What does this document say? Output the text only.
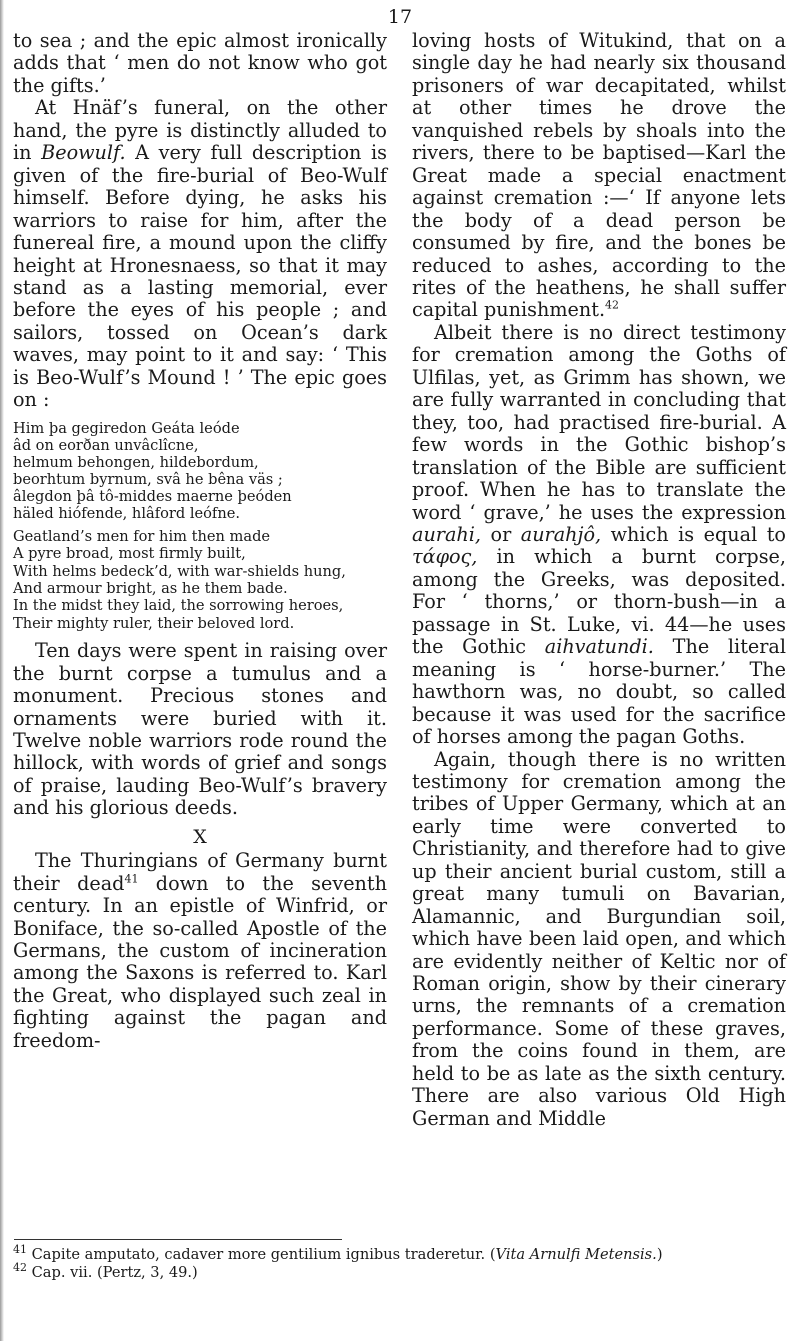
17

to sea ; and the epic almost ironically adds that ‘ men do not know who got the gifts.’

At Hnäf’s funeral, on the other hand, the pyre is distinctly alluded to in Beowulf. A very full description is given of the fire-burial of Beo-Wulf himself. Before dying, he asks his warriors to raise for him, after the funereal fire, a mound upon the cliffy height at Hronesnaess, so that it may stand as a lasting memorial, ever before the eyes of his people ; and sailors, tossed on Ocean’s dark waves, may point to it and say: ‘ This is Beo-Wulf’s Mound ! ’ The epic goes on :

Him þa gegiredon Geáta leóde
âd on eorðan unvâclîcne,
helmum behongen, hildebordum,
beorhtum byrnum, svâ he bêna väs ;
âlegdon þâ tô-middes maerne þeóden
häled hiófende, hlâford leófne.
Geatland’s men for him then made
A pyre broad, most firmly built,
With helms bedeck’d, with war-shields hung,
And armour bright, as he them bade.
In the midst they laid, the sorrowing heroes,
Their mighty ruler, their beloved lord.

Ten days were spent in raising over the burnt corpse a tumulus and a monument. Precious stones and ornaments were buried with it. Twelve noble warriors rode round the hillock, with words of grief and songs of praise, lauding Beo-Wulf’s bravery and his glorious deeds.

X

The Thuringians of Germany burnt their dead$^{41}$ down to the seventh century. In an epistle of Winfrid, or Boniface, the so-called Apostle of the Germans, the custom of incineration among the Saxons is referred to. Karl the Great, who displayed such zeal in fighting against the pagan and freedom-

loving hosts of Witukind, that on a single day he had nearly six thousand prisoners of war decapitated, whilst at other times he drove the vanquished rebels by shoals into the rivers, there to be baptised—Karl the Great made a special enactment against cremation :—‘ If anyone lets the body of a dead person be consumed by fire, and the bones be reduced to ashes, according to the rites of the heathens, he shall suffer capital punishment.$^{42}$

Albeit there is no direct testimony for cremation among the Goths of Ulfilas, yet, as Grimm has shown, we are fully warranted in concluding that they, too, had practised fire-burial. A few words in the Gothic bishop’s translation of the Bible are sufficient proof. When he has to translate the word ‘ grave,’ he uses the expression aurahi, or aurahjô, which is equal to τάφος, in which a burnt corpse, among the Greeks, was deposited. For ‘ thorns,’ or thorn-bush—in a passage in St. Luke, vi. 44—he uses the Gothic aihvatundi. The literal meaning is ‘ horse-burner.’ The hawthorn was, no doubt, so called because it was used for the sacrifice of horses among the pagan Goths.

Again, though there is no written testimony for cremation among the tribes of Upper Germany, which at an early time were converted to Christianity, and therefore had to give up their ancient burial custom, still a great many tumuli on Bavarian, Alamannic, and Burgundian soil, which have been laid open, and which are evidently neither of Keltic nor of Roman origin, show by their cinerary urns, the remnants of a cremation performance. Some of these graves, from the coins found in them, are held to be as late as the sixth century. There are also various Old High German and Middle

$^{41}$ Capite amputato, cadaver more gentilium ignibus traderetur. (Vita Arnulfi Metensis.)

$^{42}$ Cap. vii. (Pertz, 3, 49.)
